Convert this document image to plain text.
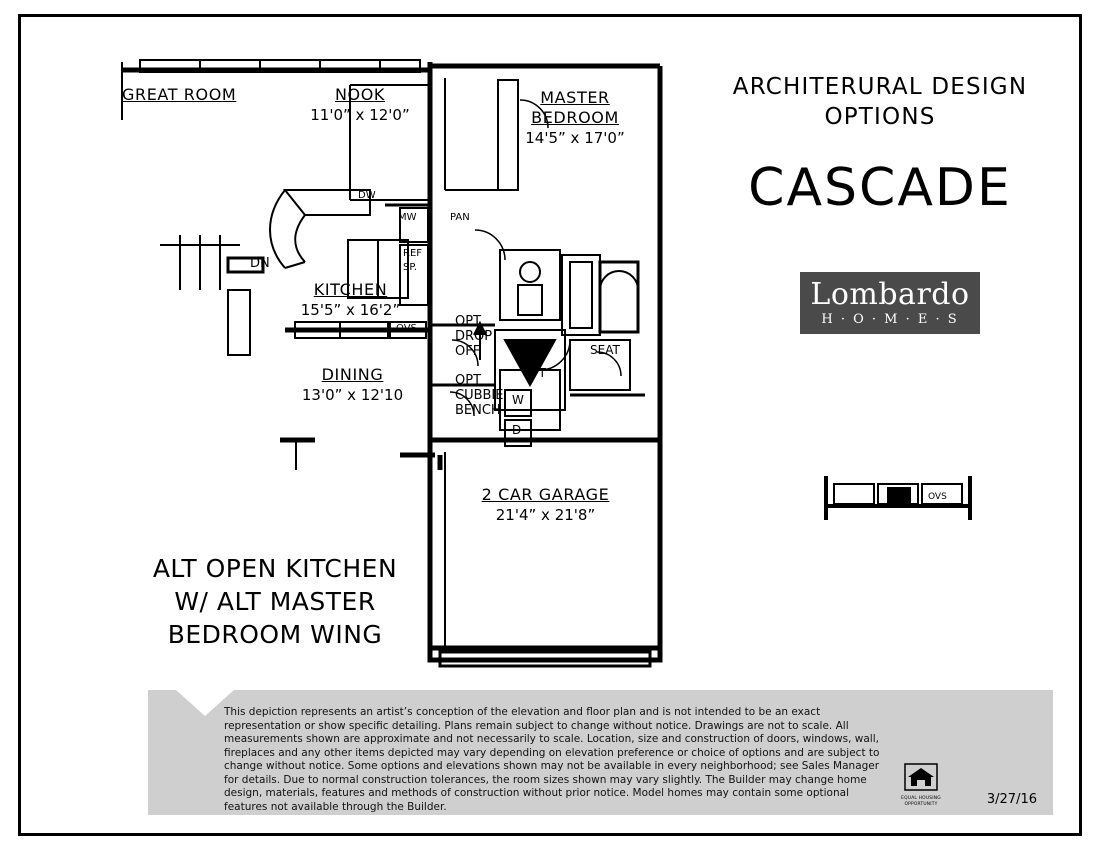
ARCHITERURAL DESIGN
OPTIONS
CASCADE
Lombardo
H · O · M · E · S
GREAT ROOM	NOOK
11'0” x 12'0”
MASTER
BEDROOM
14'5” x 17'0”
KITCHEN
15'5” x 16'2”
DINING
13'0” x 12'10
2 CAR GARAGE
21'4” x 21'8”
DW
MW	PAN
REF
SP.
DN
OVS
SEAT
W
D
OPT DROP OFF
OPT CUBBIE BENCH
OPT
ALT OPEN KITCHEN
W/ ALT MASTER
BEDROOM WING
OVS

This depiction represents an artist’s conception of the elevation and floor plan and is not intended to be an exact representation or show specific detailing. Plans remain subject to change without notice. Drawings are not to scale. All measurements shown are approximate and not necessarily to scale. Location, size and construction of doors, windows, wall, fireplaces and any other items depicted may vary depending on elevation preference or choice of options and are subject to change without notice. Some options and elevations shown may not be available in every neighborhood; see Sales Manager for details. Due to normal construction tolerances, the room sizes shown may vary slightly. The Builder may change home design, materials, features and methods of construction without prior notice. Model homes may contain some optional features not available through the Builder.

EQUAL HOUSING
OPPORTUNITY	3/27/16
